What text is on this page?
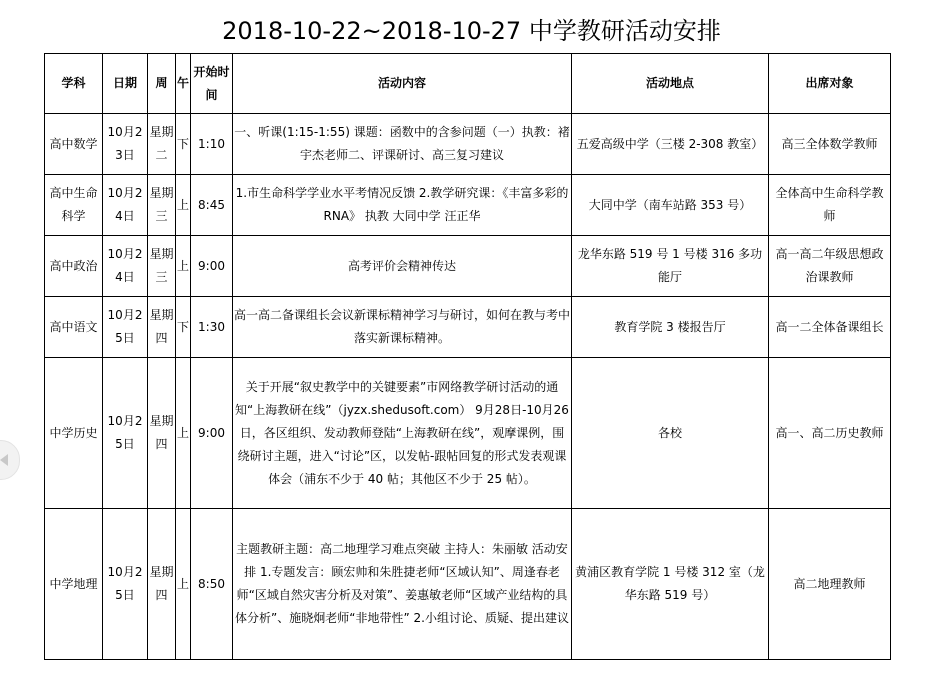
2018-10-22~2018-10-27 中学教研活动安排
学科	日期	周	午	开始时间	活动内容	活动地点	出席对象
高中数学	10月23日	星期二	下	1:10	一、听课(1:15-1:55) 课题：函数中的含参问题（一）执教：褚宇杰老师二、评课研讨、高三复习建议	五爱高级中学（三楼 2-308 教室）	高三全体数学教师
高中生命科学	10月24日	星期三	上	8:45	1.市生命科学学业水平考情况反馈 2.教学研究课：《丰富多彩的 RNA》 执教 大同中学 汪正华	大同中学（南车站路 353 号）	全体高中生命科学教师
高中政治	10月24日	星期三	上	9:00	高考评价会精神传达	龙华东路 519 号 1 号楼 316 多功能厅	高一高二年级思想政治课教师
高中语文	10月25日	星期四	下	1:30	高一高二备课组长会议新课标精神学习与研讨，如何在教与考中落实新课标精神。	教育学院 3 楼报告厅	高一二全体备课组长
中学历史	10月25日	星期四	上	9:00	关于开展“叙史教学中的关键要素”市网络教学研讨活动的通知“上海教研在线”（jyzx.shedusoft.com） 9月28日-10月26日，各区组织、发动教师登陆“上海教研在线”，观摩课例，围绕研讨主题，进入“讨论”区，以发帖-跟帖回复的形式发表观课体会（浦东不少于 40 帖；其他区不少于 25 帖）。	各校	高一、高二历史教师
中学地理	10月25日	星期四	上	8:50	主题教研主题：高二地理学习难点突破 主持人：朱丽敏 活动安排 1.专题发言：顾宏帅和朱胜捷老师“区域认知”、周逢春老师“区域自然灾害分析及对策”、姜惠敏老师“区域产业结构的具体分析”、施晓炯老师“非地带性” 2.小组讨论、质疑、提出建议	黄浦区教育学院 1 号楼 312 室（龙华东路 519 号）	高二地理教师
